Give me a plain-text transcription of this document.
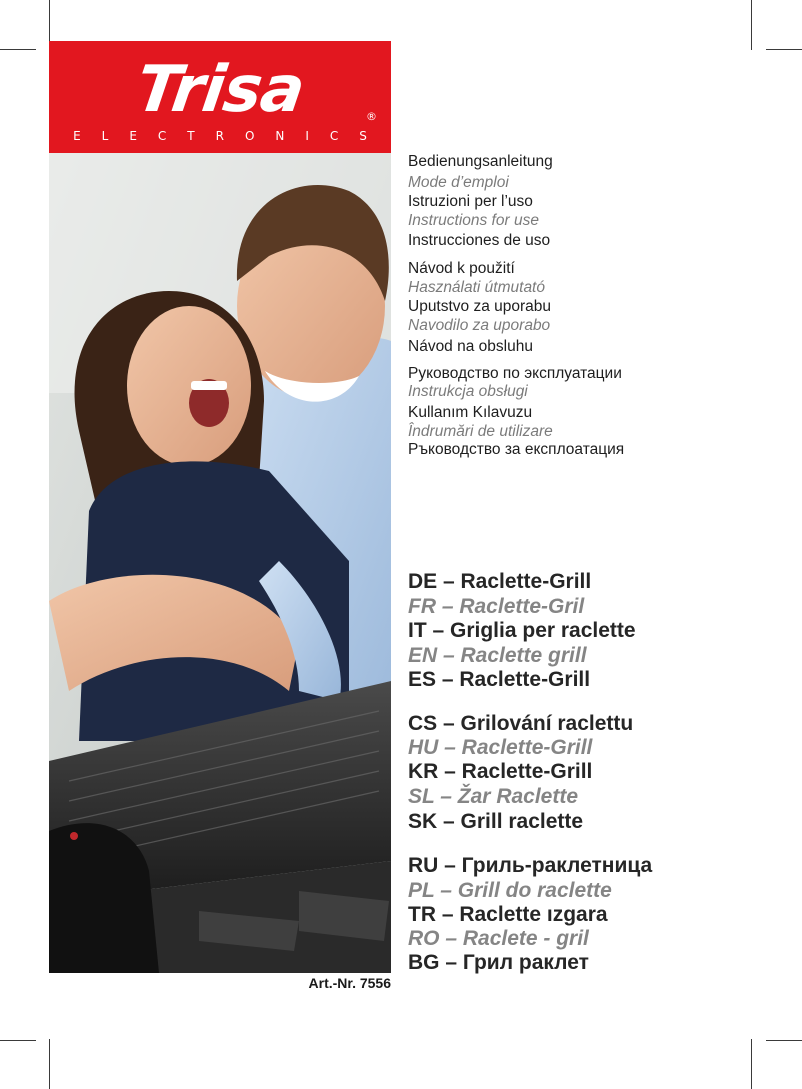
Trisa	®
ELECTRONICS
Art.-Nr. 7556
Bedienungsanleitung
Mode d’emploi
Istruzioni per l’uso
Instructions for use
Instrucciones de uso
Návod k použití
Használati útmutató
Uputstvo za uporabu
Navodilo za uporabo
Návod na obsluhu
Руководство по эксплуатации
Instrukcja obsługi
Kullanım Kılavuzu
Îndrumări de utilizare
Ръководство за експлоатация
DE – Raclette-Grill
FR – Raclette-Gril
IT – Griglia per raclette
EN – Raclette grill
ES – Raclette-Grill
CS – Grilování raclettu
HU – Raclette-Grill
KR – Raclette-Grill
SL – Žar Raclette
SK – Grill raclette
RU – Гриль-раклетница
PL – Grill do raclette
TR – Raclette ızgara
RO – Raclete - gril
BG – Грил раклет
